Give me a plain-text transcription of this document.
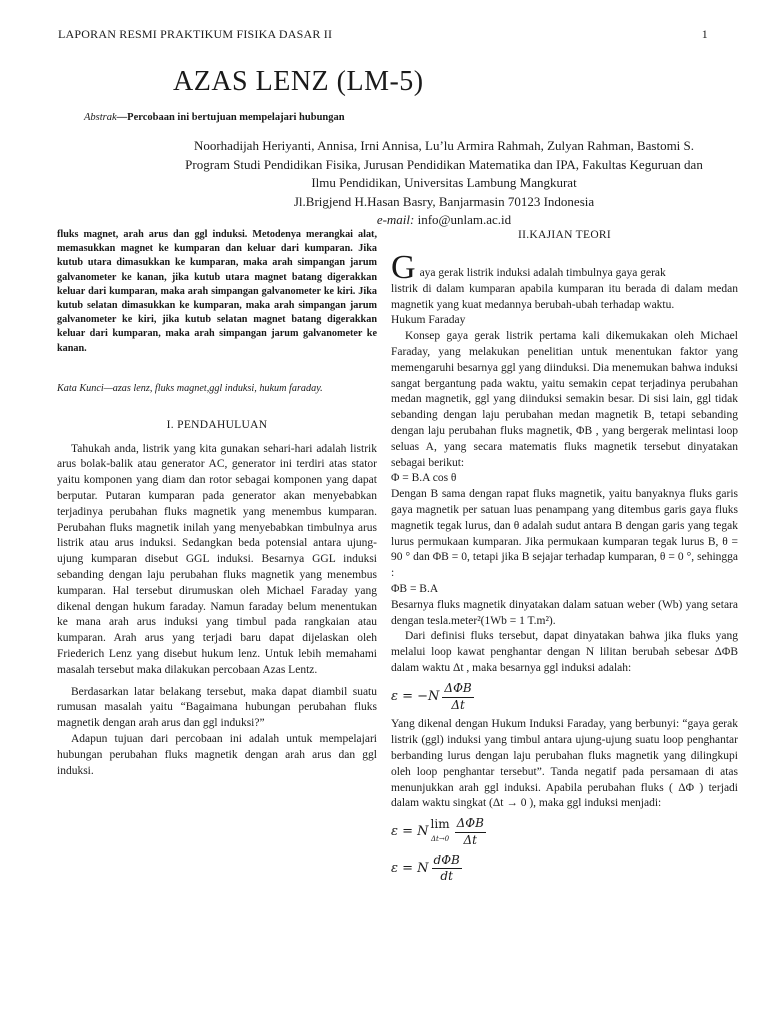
LAPORAN RESMI PRAKTIKUM FISIKA DASAR II	1
AZAS LENZ (LM-5)
Abstrak—Percobaan ini bertujuan mempelajari hubungan
Noorhadijah Heriyanti, Annisa, Irni Annisa, Lu’lu Armira Rahmah, Zulyan Rahman, Bastomi S.
Program Studi Pendidikan Fisika, Jurusan Pendidikan Matematika dan IPA, Fakultas Keguruan dan
Ilmu Pendidikan, Universitas Lambung Mangkurat
Jl.Brigjend H.Hasan Basry, Banjarmasin 70123 Indonesia
e-mail: info@unlam.ac.id
fluks magnet, arah arus dan ggl induksi. Metodenya merangkai alat, memasukkan magnet ke kumparan dan keluar dari kumparan. Jika kutub utara dimasukkan ke kumparan, maka arah simpangan jarum galvanometer ke kanan, jika kutub utara magnet batang digerakkan keluar dari kumparan, maka arah simpangan galvanometer ke kiri. Jika kutub selatan dimasukkan ke kumparan, maka arah simpangan jarum galvanometer ke kiri, jika kutub selatan magnet batang digerakkan keluar dari kumparan, maka arah simpangan jarum galvanometer ke kanan.
Kata Kunci—azas lenz, fluks magnet,ggl induksi, hukum faraday.
I. PENDAHULUAN

Tahukah anda, listrik yang kita gunakan sehari-hari adalah listrik arus bolak-balik atau generator AC, generator ini terdiri atas stator yaitu komponen yang diam dan rotor sebagai komponen yang dapat berputar. Putaran kumparan pada generator akan menyebabkan terjadinya perubahan fluks magnetik yang menembus kumparan. Perubahan fluks magnetik inilah yang menyebabkan timbulnya arus listrik atau arus induksi. Sedangkan beda potensial antara ujung-ujung kumparan disebut GGL induksi. Besarnya GGL induksi sebanding dengan laju perubahan fluks magnetik yang menembus kumparan. Hal tersebut dirumuskan oleh Michael Faraday yang dikenal dengan hukum faraday. Namun faraday belum menentukan ke mana arah arus induksi yang timbul pada rangkaian atau kumparan. Arah arus yang terjadi baru dapat dijelaskan oleh Friederich Lenz yang disebut hukum lenz. Untuk lebih memahami masalah tersebut maka dilakukan percobaan Azas Lentz.

Berdasarkan latar belakang tersebut, maka dapat diambil suatu rumusan masalah yaitu “Bagaimana hubungan perubahan fluks magnetik dengan arah arus dan ggl induksi?”

Adapun tujuan dari percobaan ini adalah untuk mempelajari hubungan perubahan fluks magnetik dengan arah arus dan ggl induksi.

II.KAJIAN TEORI
G aya gerak listrik induksi adalah timbulnya gaya gerak

listrik di dalam kumparan apabila kumparan itu berada di dalam medan magnetik yang kuat medannya berubah-ubah terhadap waktu.

Hukum Faraday

Konsep gaya gerak listrik pertama kali dikemukakan oleh Michael Faraday, yang melakukan penelitian untuk menentukan faktor yang memengaruhi besarnya ggl yang diinduksi. Dia menemukan bahwa induksi sangat bergantung pada waktu, yaitu semakin cepat terjadinya perubahan medan magnetik, ggl yang diinduksi semakin besar. Di sisi lain, ggl tidak sebanding dengan laju perubahan medan magnetik B, tetapi sebanding dengan laju perubahan fluks magnetik, ΦB , yang bergerak melintasi loop seluas A, yang secara matematis fluks magnetik tersebut dinyatakan sebagai berikut:

Φ = B.A cos θ

Dengan B sama dengan rapat fluks magnetik, yaitu banyaknya fluks garis gaya magnetik per satuan luas penampang yang ditembus garis gaya fluks magnetik tegak lurus, dan θ adalah sudut antara B dengan garis yang tegak lurus permukaan kumparan. Jika permukaan kumparan tegak lurus B, θ = 90 ° dan ΦB = 0, tetapi jika B sejajar terhadap kumparan, θ = 0 °, sehingga :

ΦB = B.A

Besarnya fluks magnetik dinyatakan dalam satuan weber (Wb) yang setara dengan tesla.meter²(1Wb = 1 T.m²).

Dari definisi fluks tersebut, dapat dinyatakan bahwa jika fluks yang melalui loop kawat penghantar dengan N lilitan berubah sebesar ΔΦB dalam waktu Δt , maka besarnya ggl induksi adalah:

$\varepsilon = -N \frac{\text{ΔΦB}}{\Delta t}$

Yang dikenal dengan Hukum Induksi Faraday, yang berbunyi: “gaya gerak listrik (ggl) induksi yang timbul antara ujung-ujung suatu loop penghantar berbanding lurus dengan laju perubahan fluks magnetik yang dilingkupi oleh loop penghantar tersebut”. Tanda negatif pada persamaan di atas menunjukkan arah ggl induksi. Apabila perubahan fluks ( ΔΦ ) terjadi dalam waktu singkat (Δt → 0 ), maka ggl induksi menjadi:

ε = N
lim
$\Delta t\to 0 \frac{\text{ΔΦB}}{\Delta t}$
ε = N $\frac{\text{dΦB}}{dt}$
